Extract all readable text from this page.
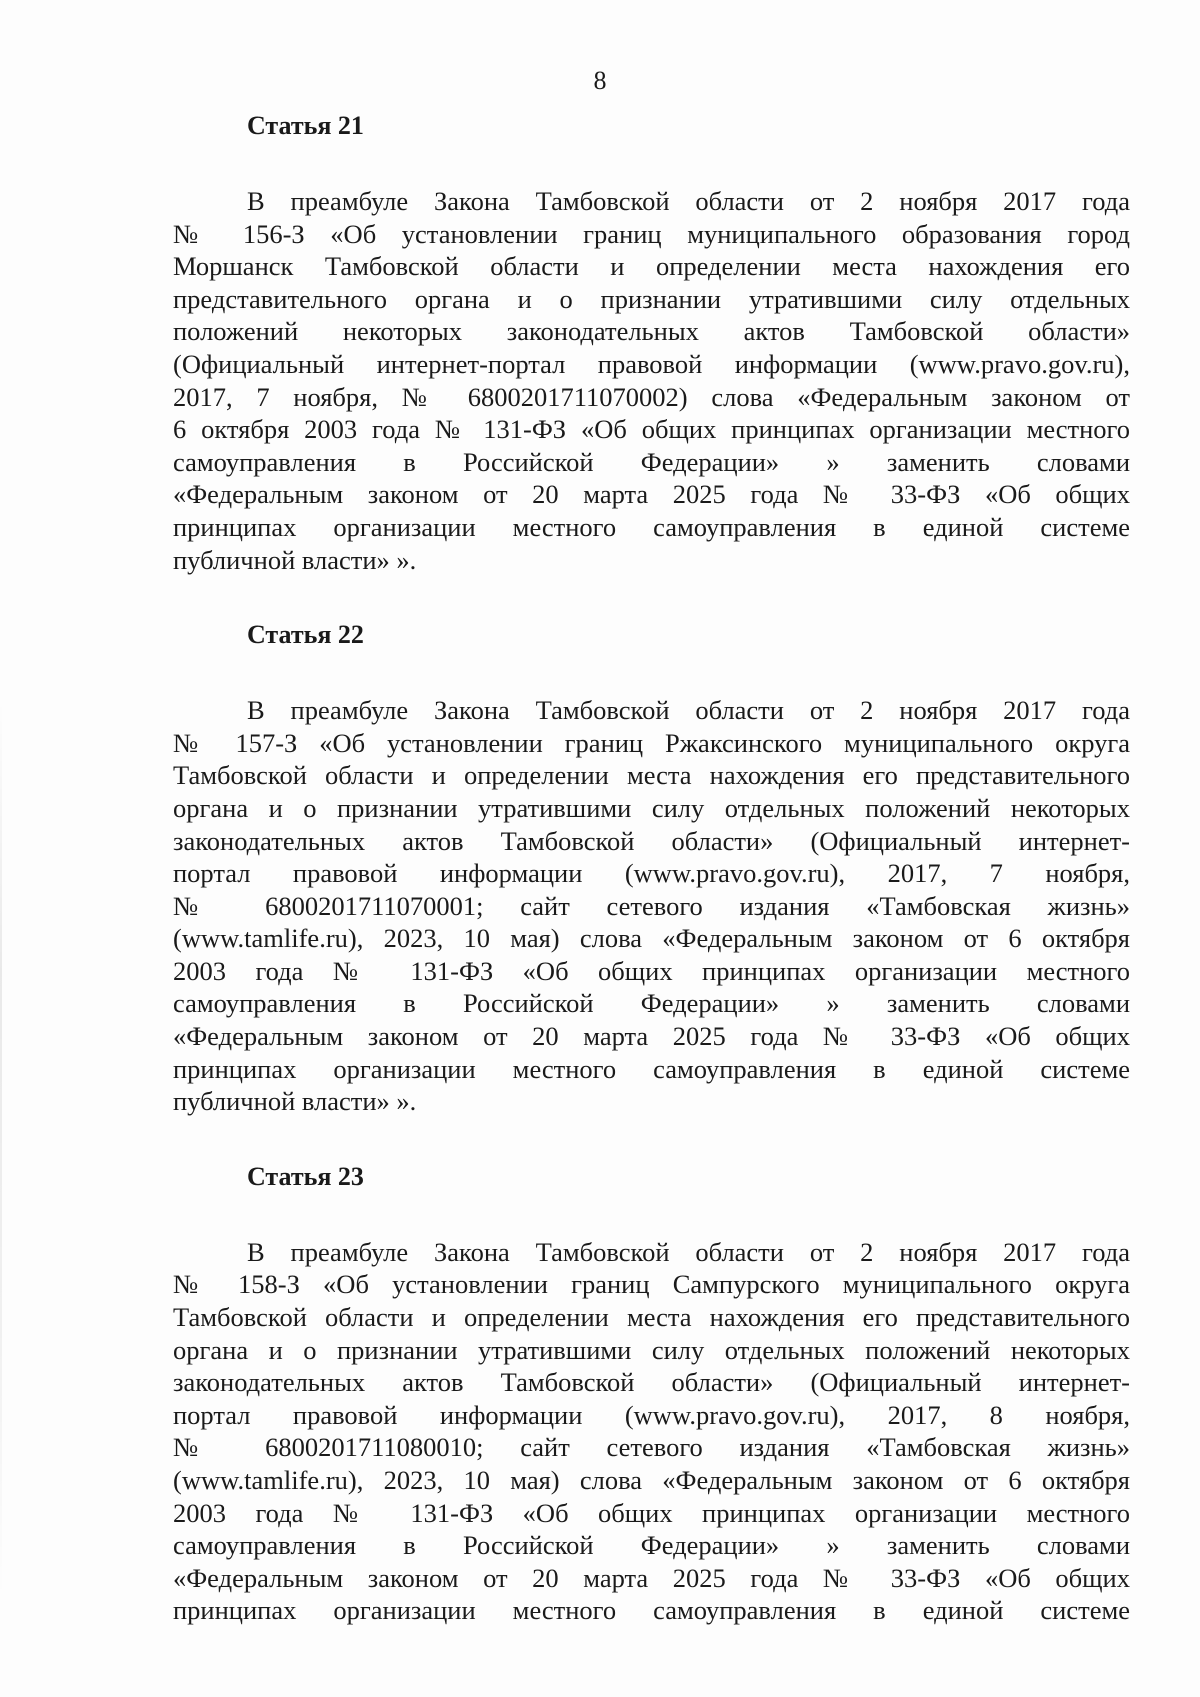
8
Статья 21
В преамбуле Закона Тамбовской области от 2 ноября 2017 года
№ 156-З «Об установлении границ муниципального образования город
Моршанск Тамбовской области и определении места нахождения его
представительного органа и о признании утратившими силу отдельных
положений некоторых законодательных актов Тамбовской области»
(Официальный интернет-портал правовой информации (www.pravo.gov.ru),
2017, 7 ноября, № 6800201711070002) слова «Федеральным законом от
6 октября 2003 года № 131-ФЗ «Об общих принципах организации местного
самоуправления в Российской Федерации» » заменить словами
«Федеральным законом от 20 марта 2025 года № 33-ФЗ «Об общих
принципах организации местного самоуправления в единой системе
публичной власти» ».
Статья 22
В преамбуле Закона Тамбовской области от 2 ноября 2017 года
№ 157-З «Об установлении границ Ржаксинского муниципального округа
Тамбовской области и определении места нахождения его представительного
органа и о признании утратившими силу отдельных положений некоторых
законодательных актов Тамбовской области» (Официальный интернет-
портал правовой информации (www.pravo.gov.ru), 2017, 7 ноября,
№ 6800201711070001; сайт сетевого издания «Тамбовская жизнь»
(www.tamlife.ru), 2023, 10 мая) слова «Федеральным законом от 6 октября
2003 года № 131-ФЗ «Об общих принципах организации местного
самоуправления в Российской Федерации» » заменить словами
«Федеральным законом от 20 марта 2025 года № 33-ФЗ «Об общих
принципах организации местного самоуправления в единой системе
публичной власти» ».
Статья 23
В преамбуле Закона Тамбовской области от 2 ноября 2017 года
№ 158-З «Об установлении границ Сампурского муниципального округа
Тамбовской области и определении места нахождения его представительного
органа и о признании утратившими силу отдельных положений некоторых
законодательных актов Тамбовской области» (Официальный интернет-
портал правовой информации (www.pravo.gov.ru), 2017, 8 ноября,
№ 6800201711080010; сайт сетевого издания «Тамбовская жизнь»
(www.tamlife.ru), 2023, 10 мая) слова «Федеральным законом от 6 октября
2003 года № 131-ФЗ «Об общих принципах организации местного
самоуправления в Российской Федерации» » заменить словами
«Федеральным законом от 20 марта 2025 года № 33-ФЗ «Об общих
принципах организации местного самоуправления в единой системе
